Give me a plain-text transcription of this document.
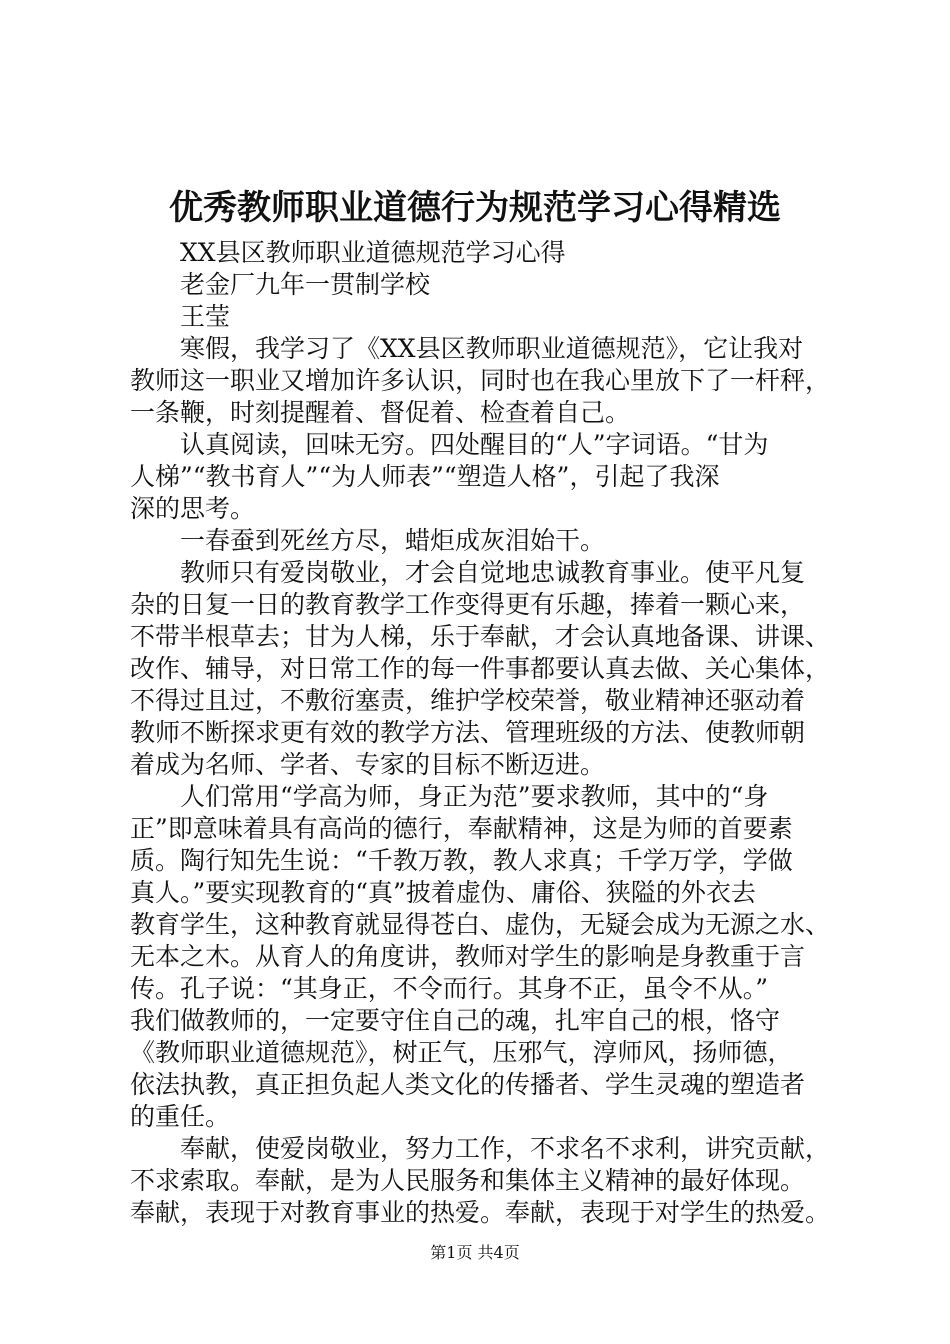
优秀教师职业道德行为规范学习心得精选

XX县区教师职业道德规范学习心得

老金厂九年一贯制学校

王莹

寒假，我学习了《XX县区教师职业道德规范》，它让我对

教师这一职业又增加许多认识，同时也在我心里放下了一杆秤，

一条鞭，时刻提醒着、督促着、检查着自己。

认真阅读，回味无穷。四处醒目的“人”字词语。“甘为

人梯”“教书育人”“为人师表”“塑造人格”，引起了我深

深的思考。

一春蚕到死丝方尽，蜡炬成灰泪始干。

教师只有爱岗敬业，才会自觉地忠诚教育事业。使平凡复

杂的日复一日的教育教学工作变得更有乐趣，捧着一颗心来，

不带半根草去；甘为人梯，乐于奉献，才会认真地备课、讲课、

改作、辅导，对日常工作的每一件事都要认真去做、关心集体，

不得过且过，不敷衍塞责，维护学校荣誉，敬业精神还驱动着

教师不断探求更有效的教学方法、管理班级的方法、使教师朝

着成为名师、学者、专家的目标不断迈进。

人们常用“学高为师，身正为范”要求教师，其中的“身

正”即意味着具有高尚的德行，奉献精神，这是为师的首要素

质。陶行知先生说：“千教万教，教人求真；千学万学，学做

真人。”要实现教育的“真”披着虚伪、庸俗、狭隘的外衣去

教育学生，这种教育就显得苍白、虚伪，无疑会成为无源之水、

无本之木。从育人的角度讲，教师对学生的影响是身教重于言

传。孔子说：“其身正，不令而行。其身不正，虽令不从。”

我们做教师的，一定要守住自己的魂，扎牢自己的根，恪守

《教师职业道德规范》，树正气，压邪气，淳师风，扬师德，

依法执教，真正担负起人类文化的传播者、学生灵魂的塑造者

的重任。

奉献，使爱岗敬业，努力工作，不求名不求利，讲究贡献，

不求索取。奉献，是为人民服务和集体主义精神的最好体现。

奉献，表现于对教育事业的热爱。奉献，表现于对学生的热爱。

第1页 共4页
